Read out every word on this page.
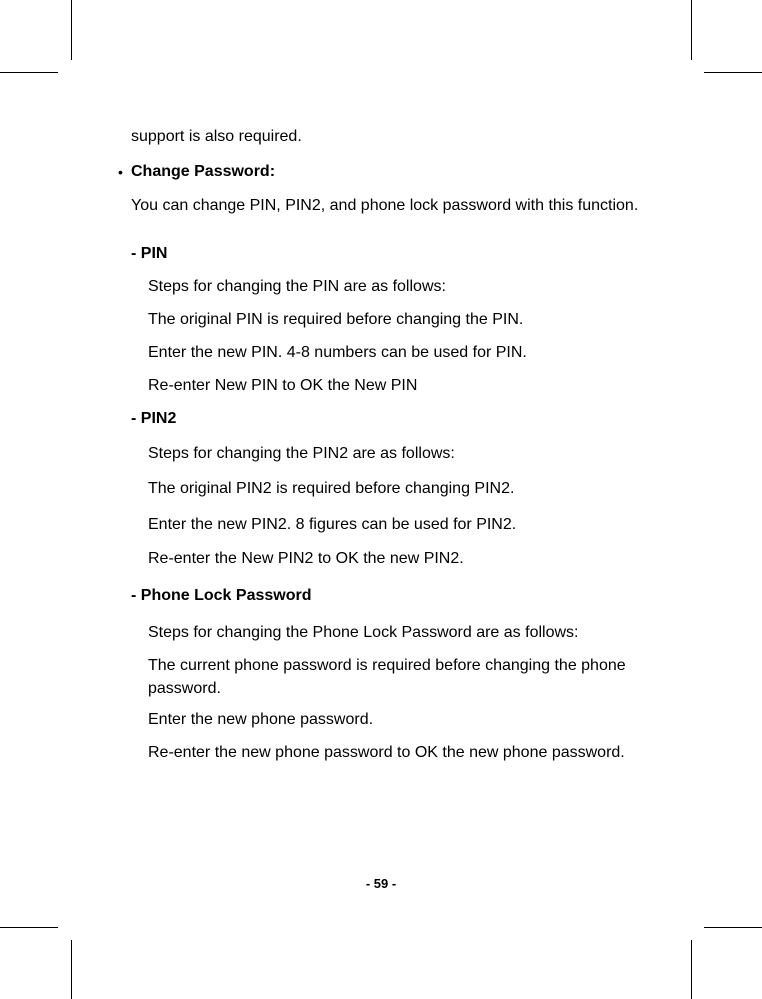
support is also required.
• Change Password:
You can change PIN, PIN2, and phone lock password with this function.
- PIN
Steps for changing the PIN are as follows:
The original PIN is required before changing the PIN.
Enter the new PIN. 4-8 numbers can be used for PIN.
Re-enter New PIN to OK the New PIN
- PIN2
Steps for changing the PIN2 are as follows:
The original PIN2 is required before changing PIN2.
Enter the new PIN2. 8 figures can be used for PIN2.
Re-enter the New PIN2 to OK the new PIN2.
- Phone Lock Password
Steps for changing the Phone Lock Password are as follows:
The current phone password is required before changing the phone password.
Enter the new phone password.
Re-enter the new phone password to OK the new phone password.
- 59 -
